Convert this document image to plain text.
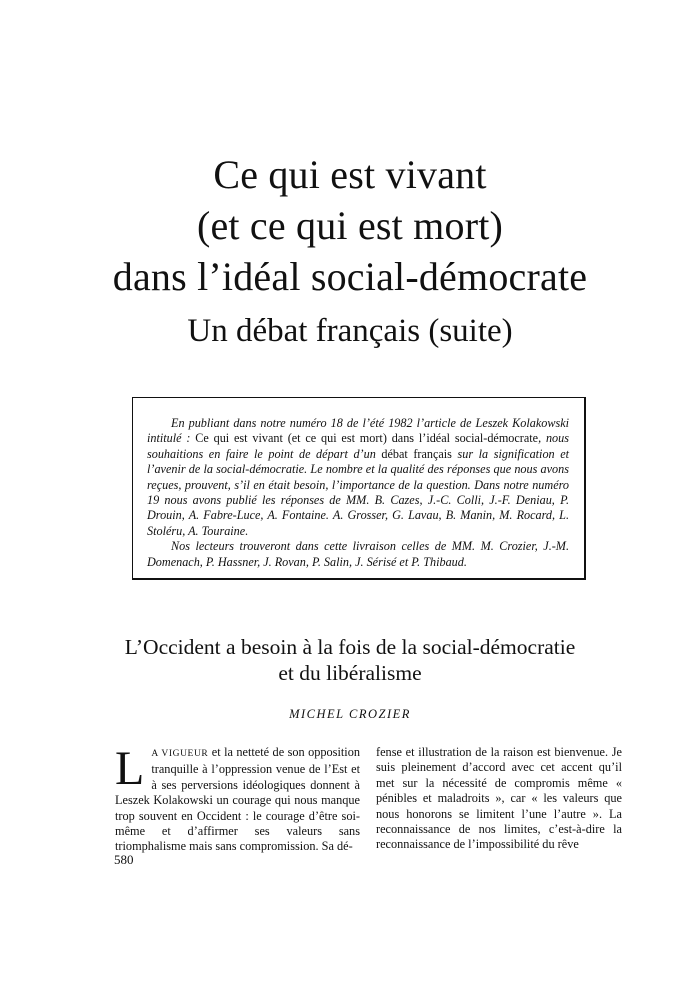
Ce qui est vivant
(et ce qui est mort)
dans l’idéal social-démocrate
Un débat français (suite)

En publiant dans notre numéro 18 de l’été 1982 l’article de Leszek Kolakowski intitulé : Ce qui est vivant (et ce qui est mort) dans l’idéal social-démocrate, nous souhaitions en faire le point de départ d’un débat français sur la signification et l’avenir de la social-démocratie. Le nombre et la qualité des réponses que nous avons reçues, prouvent, s’il en était besoin, l’importance de la question. Dans notre numéro 19 nous avons publié les réponses de MM. B. Cazes, J.-C. Colli, J.-F. Deniau, P. Drouin, A. Fabre-Luce, A. Fontaine. A. Grosser, G. Lavau, B. Manin, M. Rocard, L. Stoléru, A. Touraine.

Nos lecteurs trouveront dans cette livraison celles de MM. M. Crozier, J.-M. Domenach, P. Hassner, J. Rovan, P. Salin, J. Sérisé et P. Thibaud.

L’Occident a besoin à la fois de la social-démocratie
et du libéralisme
MICHEL CROZIER

L A VIGUEUR et la netteté de son opposition tranquille à l’oppression venue de l’Est et à ses perversions idéologiques donnent à Leszek Kolakowski un courage qui nous manque trop souvent en Occident : le courage d’être soi-même et d’affirmer ses valeurs sans triomphalisme mais sans compromission. Sa dé-

fense et illustration de la raison est bienvenue. Je suis pleinement d’accord avec cet accent qu’il met sur la nécessité de compromis même « pénibles et maladroits », car « les valeurs que nous honorons se limitent l’une l’autre ». La reconnaissance de nos limites, c’est-à-dire la reconnaissance de l’impossibilité du rêve

580
